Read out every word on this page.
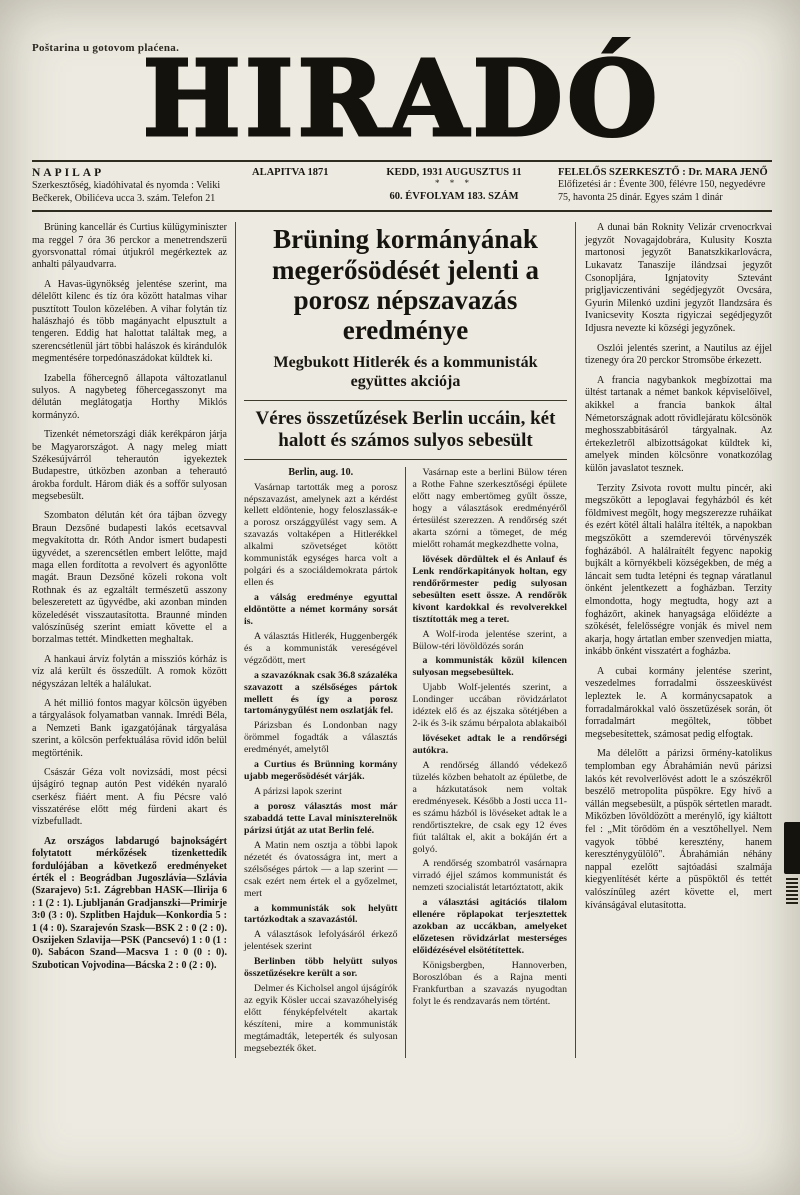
Poštarina u gotovom plaćena.
HIRADÓ
NAPILAP
Szerkesztőség, kiadóhivatal és nyomda : Veliki Bečkerek, Obilićeva ucca 3. szám. Telefon 21
ALAPITVA 1871	KEDD, 1931 AUGUSZTUS 11
* * *
60. ÉVFOLYAM 183. SZÁM
FELELŐS SZERKESZTŐ : Dr. MARA JENŐ
Előfizetési ár : Évente 300, félévre 150, negyedévre 75, havonta 25 dinár. Egyes szám 1 dinár

Brüning kancellár és Curtius külügyminiszter ma reggel 7 óra 36 perckor a menetrendszerű gyorsvonattal római útjukról megérkeztek az anhalti pályaudvarra.

A Havas-ügynökség jelentése szerint, ma délelőtt kilenc és tíz óra között hatalmas vihar pusztított Toulon közelében. A vihar folytán tíz halászhajó és több magányacht elpusztult a tengeren. Eddig hat halottat találtak meg, a szerencsétlenül járt többi halászok és kirándulók megmentésére torpedónaszádokat küldtek ki.

Izabella főhercegnő állapota változatlanul sulyos. A nagybeteg főhercegasszonyt ma délután meglátogatja Horthy Miklós kormányzó.

Tizenkét németországi diák kerékpáron járja be Magyarországot. A nagy meleg miatt Székesújvárról teherautón igyekeztek Budapestre, útközben azonban a teherautó árokba fordult. Három diák és a soffőr sulyosan megsebesült.

Szombaton délután két óra tájban özvegy Braun Dezsőné budapesti lakós ecetsavval megvakította dr. Róth Andor ismert budapesti ügyvédet, a szerencsétlen embert lelőtte, majd maga ellen fordította a revolvert és agyonlőtte magát. Braun Dezsőné közeli rokona volt Rothnak és az egzaltált természetű asszony beleszeretett az ügyvédbe, aki azonban minden közeledését visszautasította. Braunné minden valószínűség szerint emiatt követte el a borzalmas tettét. Mindketten meghaltak.

A hankaui árvíz folytán a missziós kórház is víz alá került és összedűlt. A romok között négyszázan lelték a halálukat.

A hét millió fontos magyar kölcsön ügyében a tárgyalások folyamatban vannak. Imrédi Béla, a Nemzeti Bank igazgatójának tárgyalása szerint, a kölcsön perfektuálása rövid időn belül megtörténik.

Császár Géza volt novizsádi, most pécsi újságíró tegnap autón Pest vidékén nyaraló cserkész fiáért ment. A fiu Pécsre való visszatérése előtt még fürdeni akart és vízbefulladt.

Az országos labdarugó bajnokságért folytatott mérkőzések tizenkettedik fordulójában a következő eredményeket érték el : Beográdban Jugoszlávia—Szlávia (Szarajevo) 5:1. Zágrebban HASK—Ilirija 6 : 1 (2 : 1). Ljubljanán Gradjanszki—Primirje 3:0 (3 : 0). Szplitben Hajduk—Konkordia 5 : 1 (4 : 0). Szarajevón Szask—BSK 2 : 0 (2 : 0). Oszijeken Szlavija—PSK (Pancsevó) 1 : 0 (1 : 0). Sabácon Szand—Macsva 1 : 0 (0 : 0). Szubotican Vojvodina—Bácska 2 : 0 (2 : 0).

Brüning kormányának megerősödését jelenti a porosz népszavazás eredménye
Megbukott Hitlerék és a kommunisták együttes akciója
Véres összetűzések Berlin uccáin, két halott és számos sulyos sebesült
Berlin, aug. 10.

Vasárnap tartották meg a porosz népszavazást, amelynek azt a kérdést kellett eldöntenie, hogy feloszlassák-e a porosz országgyűlést vagy sem. A szavazás voltaképen a Hitlerékkel alkalmi szövetséget kötött kommunisták egységes harca volt a polgári és a szociáldemokrata pártok ellen és

a válság eredménye egyuttal eldöntötte a német kormány sorsát is.

A választás Hitlerék, Huggenbergék és a kommunisták vereségével végződött, mert

a szavazóknak csak 36.8 százaléka szavazott a szélsőséges pártok mellett és így a porosz tartománygyűlést nem oszlatják fel.

Párizsban és Londonban nagy örömmel fogadták a választás eredményét, amelytől

a Curtius és Brünning kormány ujabb megerősödését várják.

A párizsi lapok szerint

a porosz választás most már szabaddá tette Laval miniszterelnök párizsi útját az utat Berlin felé.

A Matin nem osztja a többi lapok nézetét és óvatosságra int, mert a szélsőséges pártok — a lap szerint — csak ezért nem értek el a győzelmet, mert

a kommunisták sok helyütt tartózkodtak a szavazástól.

A választások lefolyásáról érkező jelentések szerint

Berlinben több helyütt sulyos összetűzésekre került a sor.

Delmer és Kicholsel angol újságírók az egyik Kösler uccai szavazóhelyiség előtt fényképfelvételt akartak készíteni, mire a kommunisták megtámadták, leteperték és sulyosan megsebezték őket.

Vasárnap este a berlini Bülow téren a Rothe Fahne szerkesztőségi épülete előtt nagy embertömeg gyűlt össze, hogy a választások eredményéről értesülést szerezzen. A rendőrség szét akarta szórni a tömeget, de még mielőtt rohamát megkezdhette volna,

lövések dördültek el és Anlauf és Lenk rendőrkapitányok holtan, egy rendőrőrmester pedig sulyosan sebesülten esett össze. A rendőrök kivont kardokkal és revolverekkel tisztították meg a teret.

A Wolf-iroda jelentése szerint, a Bülow-téri lövöldözés során

a kommunisták közül kilencen sulyosan megsebesültek.

Ujabb Wolf-jelentés szerint, a Londinger uccában rövidzárlatot idéztek elő és az éjszaka sötétjében a 2-ik és 3-ik számu bérpalota ablakaiból

lövéseket adtak le a rendőrségi autókra.

A rendőrség állandó védekező tüzelés közben behatolt az épületbe, de a házkutatások nem voltak eredményesek. Később a Josti ucca 11-es számu házból is lövéseket adtak le a rendőrtisztekre, de csak egy 12 éves fiút találtak el, akit a bokáján ért a golyó.

A rendőrség szombatról vasárnapra virradó éjjel számos kommunistát és nemzeti szocialistát letartóztatott, akik

a választási agitációs tilalom ellenére röplapokat terjesztettek azokban az uccákban, amelyeket előzetesen rövidzárlat mesterséges előidézésével elsötétítettek.

Königsbergben, Hannoverben, Boroszlóban és a Rajna menti Frankfurtban a szavazás nyugodtan folyt le és rendzavarás nem történt.

A dunai bán Roknity Velizár crvenocrkvai jegyzőt Novagajdobrára, Kulusity Koszta martonosi jegyzőt Banatszkikarlovácra, Lukavatz Tanaszije ilándzsai jegyzőt Csonopljára, Ignjatovity Sztevánt prigljaviczentiváni segédjegyzőt Ovcsára, Gyurin Milenkó uzdini jegyzőt Ilandzsára és Ivanicsevity Koszta rigyiczai segédjegyzőt Idjusra nevezte ki községi jegyzőnek.

Oszlói jelentés szerint, a Nautilus az éjjel tizenegy óra 20 perckor Stromsöbe érkezett.

A francia nagybankok megbízottai ma ültést tartanak a német bankok képviselőivel, akikkel a francia bankok által Németországnak adott rövidlejáratu kölcsönök meghosszabbitásáról tárgyalnak. Az értekezletről albizottságokat küldtek ki, amelyek minden kölcsönre vonatkozólag külön javaslatot tesznek.

Terzity Zsivota rovott multu pincér, aki megszökött a lepoglavai fegyházból és két földmivest megölt, hogy megszerezze ruháikat és ezért kötél általi halálra ítélték, a napokban megszökött a szemderevói törvényszék fogházából. A halálraítélt fegyenc napokig bujkált a környékbeli községekben, de még a láncait sem tudta letépni és tegnap váratlanul önként jelentkezett a fogházban. Terzity elmondotta, hogy megtudta, hogy azt a fogházőrt, akinek hanyagsága előidézte a szökését, felelősségre vonják és mivel nem akarja, hogy ártatlan ember szenvedjen miatta, inkább önként visszatért a fogházba.

A cubai kormány jelentése szerint, veszedelmes forradalmi összeesküvést lepleztek le. A kormánycsapatok a forradalmárokkal való összetűzések során, öt forradalmárt megöltek, többet megsebesítettek, számosat pedig elfogtak.

Ma délelőtt a párizsi örmény-katolikus templomban egy Ábrahámián nevű párizsi lakós két revolverlövést adott le a szószékről beszélő metropolita püspökre. Egy hívő a vállán megsebesült, a püspök sértetlen maradt. Mikőzben lövöldözött a merénylő, így kiáltott fel : „Mit törődöm én a vesztőhellyel. Nem vagyok többé keresztény, hanem kereszténygyülölő". Ábrahámián néhány nappal ezelőtt sajtóadási szalmája kiegyenlítését kérte a püspöktől és tettét valószínűleg azért követte el, mert kívánságával elutasította.
